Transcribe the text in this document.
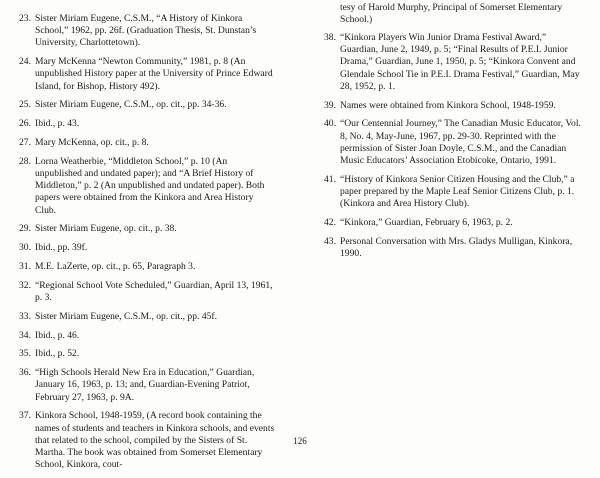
23. Sister Miriam Eugene, C.S.M., “A History of Kinkora School,” 1962, pp. 26f. (Graduation Thesis, St. Dunstan’s University, Charlottetown).
24. Mary McKenna “Newton Community,” 1981, p. 8 (An unpublished History paper at the University of Prince Edward Island, for Bishop, History 492).
25. Sister Miriam Eugene, C.S.M., op. cit., pp. 34-36.
26. Ibid., p. 43.
27. Mary McKenna, op. cit., p. 8.
28. Lorna Weatherbie, “Middleton School,” p. 10 (An unpublished and undated paper); and “A Brief History of Middleton,” p. 2 (An unpublished and undated paper). Both papers were obtained from the Kinkora and Area History Club.
29. Sister Miriam Eugene, op. cit., p. 38.
30. Ibid., pp. 39f.
31. M.E. LaZerte, op. cit., p. 65, Paragraph 3.
32. “Regional School Vote Scheduled,” Guardian, April 13, 1961, p. 3.
33. Sister Miriam Eugene, C.S.M., op. cit., pp. 45f.
34. Ibid., p. 46.
35. Ibid., p. 52.
36. “High Schools Herald New Era in Education,” Guardian, January 16, 1963, p. 13; and, Guardian-Evening Patriot, February 27, 1963, p. 9A.
37. Kinkora School, 1948-1959, (A record book containing the names of students and teachers in Kinkora schools, and events that related to the school, compiled by the Sisters of St. Martha. The book was obtained from Somerset Elementary School, Kinkora, cout-
tesy of Harold Murphy, Principal of Somerset Elementary School.)
38. “Kinkora Players Win Junior Drama Festival Award,” Guardian, June 2, 1949, p. 5; “Final Results of P.E.I. Junior Drama,” Guardian, June 1, 1950, p. 5; “Kinkora Convent and Glendale School Tie in P.E.I. Drama Festival,” Guardian, May 28, 1952, p. 1.
39. Names were obtained from Kinkora School, 1948-1959.
40. “Our Centennial Journey,” The Canadian Music Educator, Vol. 8, No. 4, May-June, 1967, pp. 29-30. Reprinted with the permission of Sister Joan Doyle, C.S.M., and the Canadian Music Educators’ Association Etobicoke, Ontario, 1991.
41. “History of Kinkora Senior Citizen Housing and the Club,” a paper prepared by the Maple Leaf Senior Citizens Club, p. 1. (Kinkora and Area History Club).
42. “Kinkora,” Guardian, February 6, 1963, p. 2.
43. Personal Conversation with Mrs. Gladys Mulligan, Kinkora, 1990.
126
